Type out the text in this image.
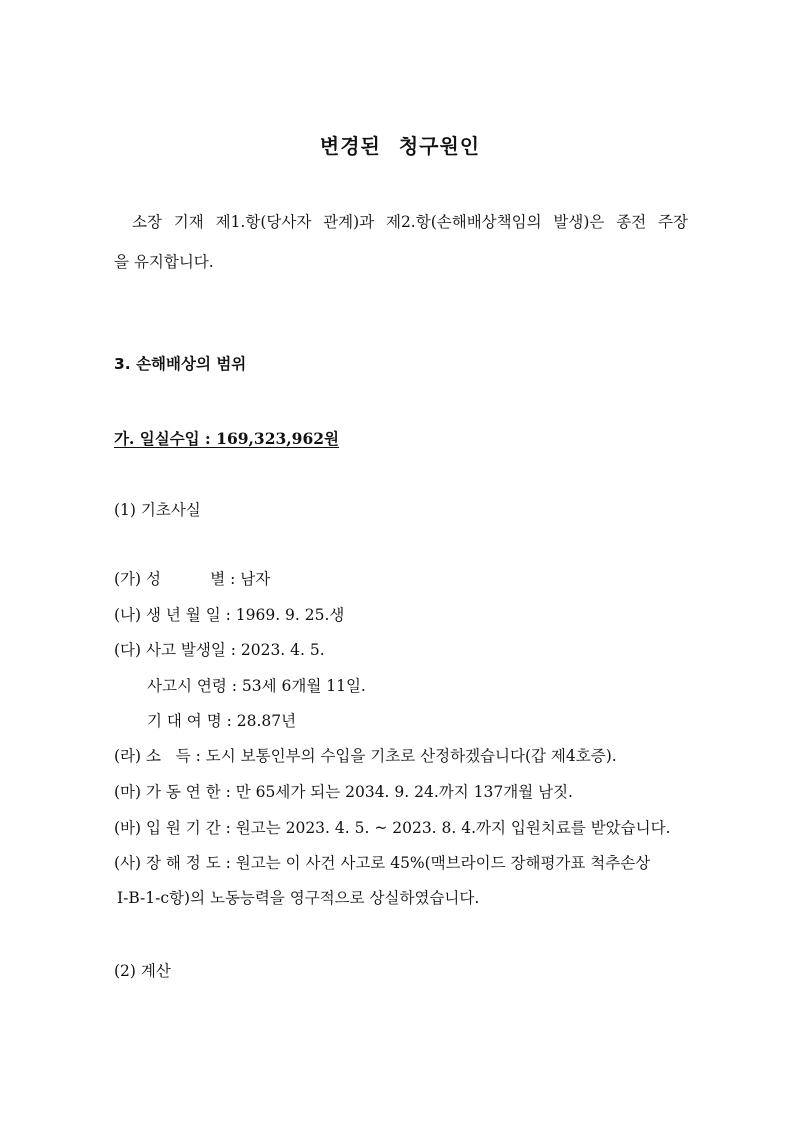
변경된 청구원인
소장 기재 제1.항(당사자 관계)과 제2.항(손해배상책임의 발생)은 종전 주장
을 유지합니다.
3. 손해배상의 범위
가. 일실수입 : 169,323,962원
(1) 기초사실
(가) 성          별 : 남자
(나) 생 년 월 일 : 1969. 9. 25.생
(다) 사고 발생일 : 2023. 4. 5.
사고시 연령 : 53세 6개월 11일.
기 대 여 명 : 28.87년
(라) 소   득 : 도시 보통인부의 수입을 기초로 산정하겠습니다(갑 제4호증).
(마) 가 동 연 한 : 만 65세가 되는 2034. 9. 24.까지 137개월 남짓.
(바) 입 원 기 간 : 원고는 2023. 4. 5. ~ 2023. 8. 4.까지 입원치료를 받았습니다.
(사) 장 해 정 도 : 원고는 이 사건 사고로 45%(맥브라이드 장해평가표 척추손상
Ⅰ-B-1-c항)의 노동능력을 영구적으로 상실하였습니다.
(2) 계산
